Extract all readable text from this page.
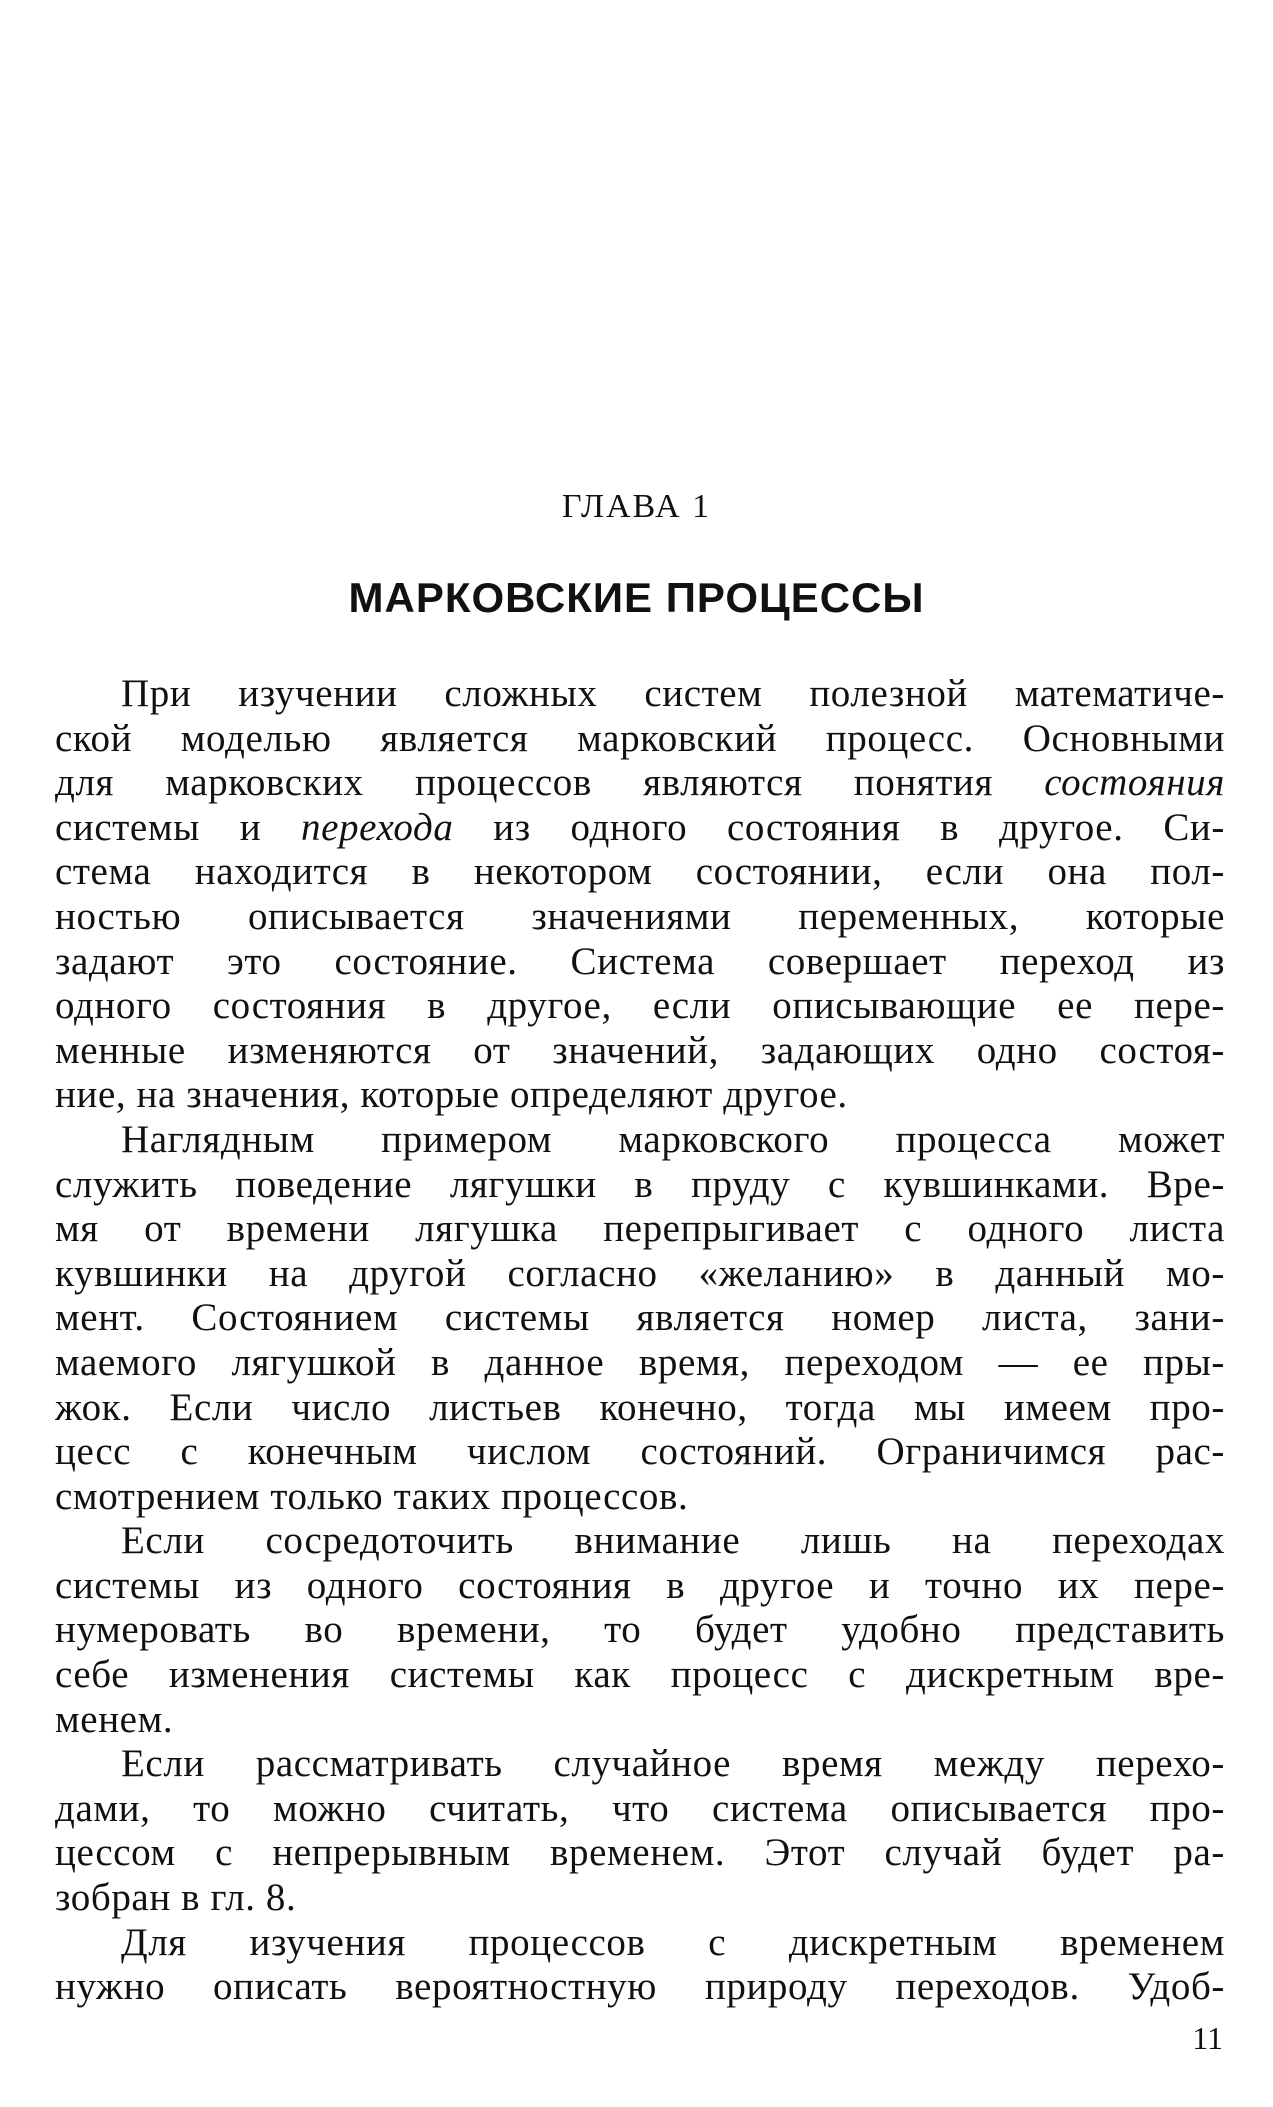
ГЛАВА 1
МАРКОВСКИЕ ПРОЦЕССЫ
При изучении сложных систем полезной математиче-
ской моделью является марковский процесс. Основными
для марковских процессов являются понятия состояния
системы и перехода из одного состояния в другое. Си-
стема находится в некотором состоянии, если она пол-
ностью описывается значениями переменных, которые
задают это состояние. Система совершает переход из
одного состояния в другое, если описывающие ее пере-
менные изменяются от значений, задающих одно состоя-
ние, на значения, которые определяют другое.
Наглядным примером марковского процесса может
служить поведение лягушки в пруду с кувшинками. Вре-
мя от времени лягушка перепрыгивает с одного листа
кувшинки на другой согласно «желанию» в данный мо-
мент. Состоянием системы является номер листа, зани-
маемого лягушкой в данное время, переходом — ее пры-
жок. Если число листьев конечно, тогда мы имеем про-
цесс с конечным числом состояний. Ограничимся рас-
смотрением только таких процессов.
Если сосредоточить внимание лишь на переходах
системы из одного состояния в другое и точно их пере-
нумеровать во времени, то будет удобно представить
себе изменения системы как процесс с дискретным вре-
менем.
Если рассматривать случайное время между перехо-
дами, то можно считать, что система описывается про-
цессом с непрерывным временем. Этот случай будет ра-
зобран в гл. 8.
Для изучения процессов с дискретным временем
нужно описать вероятностную природу переходов. Удоб-
11
